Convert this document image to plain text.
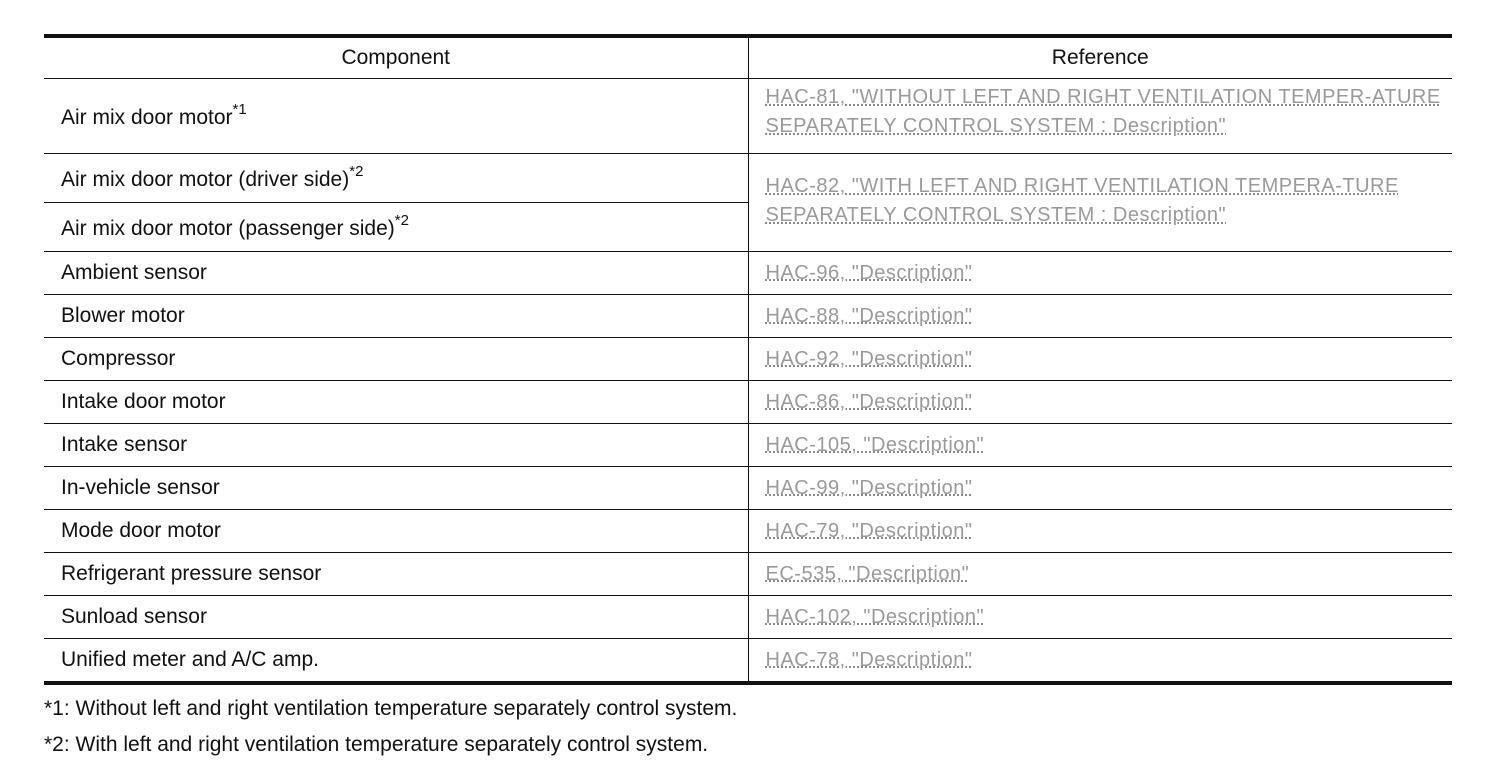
Component	Reference
Air mix door motor$^{*1}$	HAC-81, "WITHOUT LEFT AND RIGHT VENTILATION TEMPER-ATURE SEPARATELY CONTROL SYSTEM : Description"
Air mix door motor (driver side)$^{*2}$	HAC-82, "WITH LEFT AND RIGHT VENTILATION TEMPERA-TURE SEPARATELY CONTROL SYSTEM : Description"
Air mix door motor (passenger side)$^{*2}$
Ambient sensor	HAC-96, "Description"
Blower motor	HAC-88, "Description"
Compressor	HAC-92, "Description"
Intake door motor	HAC-86, "Description"
Intake sensor	HAC-105, "Description"
In-vehicle sensor	HAC-99, "Description"
Mode door motor	HAC-79, "Description"
Refrigerant pressure sensor	EC-535, "Description"
Sunload sensor	HAC-102, "Description"
Unified meter and A/C amp.	HAC-78, "Description"
*1: Without left and right ventilation temperature separately control system.
*2: With left and right ventilation temperature separately control system.
